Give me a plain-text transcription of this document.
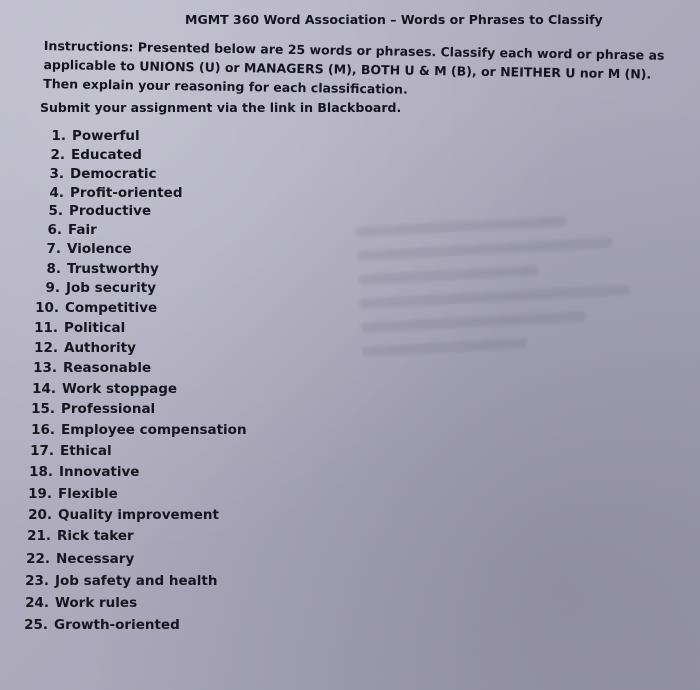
MGMT 360 Word Association – Words or Phrases to Classify
Instructions: Presented below are 25 words or phrases. Classify each word or phrase as applicable to UNIONS (U) or MANAGERS (M), BOTH U & M (B), or NEITHER U nor M (N). Then explain your reasoning for each classification.
Submit your assignment via the link in Blackboard.
1. Powerful
2. Educated
3. Democratic
4. Profit-oriented
5. Productive
6. Fair
7. Violence
8. Trustworthy
9. Job security
10. Competitive
11. Political
12. Authority
13. Reasonable
14. Work stoppage
15. Professional
16. Employee compensation
17. Ethical
18. Innovative
19. Flexible
20. Quality improvement
21. Rick taker
22. Necessary
23. Job safety and health
24. Work rules
25. Growth-oriented
